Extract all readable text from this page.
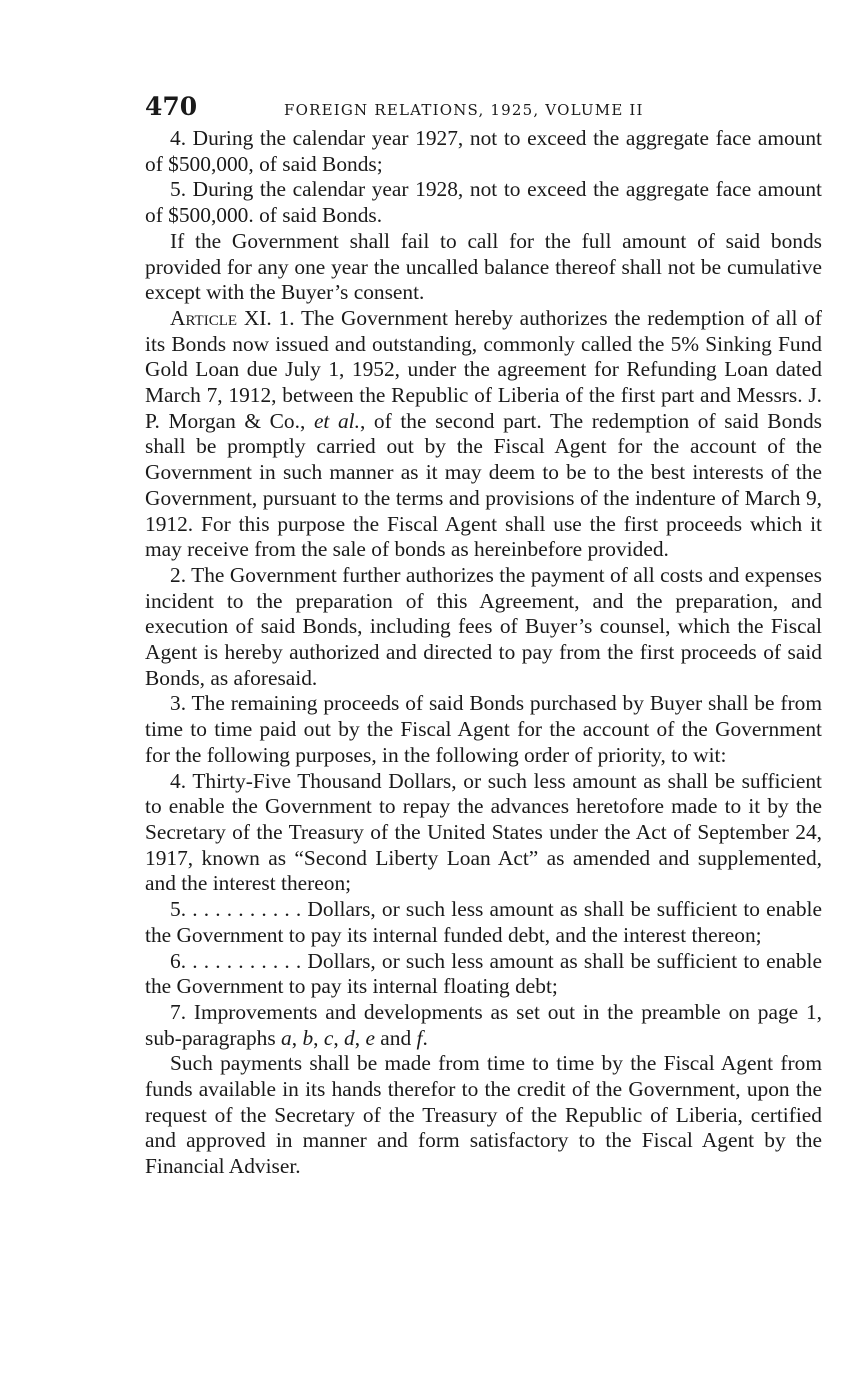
470	FOREIGN RELATIONS, 1925, VOLUME II

4. During the calendar year 1927, not to exceed the aggregate face amount of $500,000, of said Bonds;

5. During the calendar year 1928, not to exceed the aggregate face amount of $500,000. of said Bonds.

If the Government shall fail to call for the full amount of said bonds provided for any one year the uncalled balance thereof shall not be cumulative except with the Buyer’s consent.

Article XI. 1. The Government hereby authorizes the redemption of all of its Bonds now issued and outstanding, commonly called the 5% Sinking Fund Gold Loan due July 1, 1952, under the agreement for Refunding Loan dated March 7, 1912, between the Republic of Liberia of the first part and Messrs. J. P. Morgan & Co., et al., of the second part. The redemption of said Bonds shall be promptly carried out by the Fiscal Agent for the account of the Government in such manner as it may deem to be to the best interests of the Government, pursuant to the terms and provisions of the indenture of March 9, 1912. For this purpose the Fiscal Agent shall use the first proceeds which it may receive from the sale of bonds as hereinbefore provided.

2. The Government further authorizes the payment of all costs and expenses incident to the preparation of this Agreement, and the preparation, and execution of said Bonds, including fees of Buyer’s counsel, which the Fiscal Agent is hereby authorized and directed to pay from the first proceeds of said Bonds, as aforesaid.

3. The remaining proceeds of said Bonds purchased by Buyer shall be from time to time paid out by the Fiscal Agent for the account of the Government for the following purposes, in the following order of priority, to wit:

4. Thirty-Five Thousand Dollars, or such less amount as shall be sufficient to enable the Government to repay the advances heretofore made to it by the Secretary of the Treasury of the United States under the Act of September 24, 1917, known as “Second Liberty Loan Act” as amended and supplemented, and the interest thereon;

5. . . . . . . . . . . Dollars, or such less amount as shall be sufficient to enable the Government to pay its internal funded debt, and the interest thereon;

6. . . . . . . . . . . Dollars, or such less amount as shall be sufficient to enable the Government to pay its internal floating debt;

7. Improvements and developments as set out in the preamble on page 1, sub-paragraphs a, b, c, d, e and f.

Such payments shall be made from time to time by the Fiscal Agent from funds available in its hands therefor to the credit of the Government, upon the request of the Secretary of the Treasury of the Republic of Liberia, certified and approved in manner and form satisfactory to the Fiscal Agent by the Financial Adviser.
